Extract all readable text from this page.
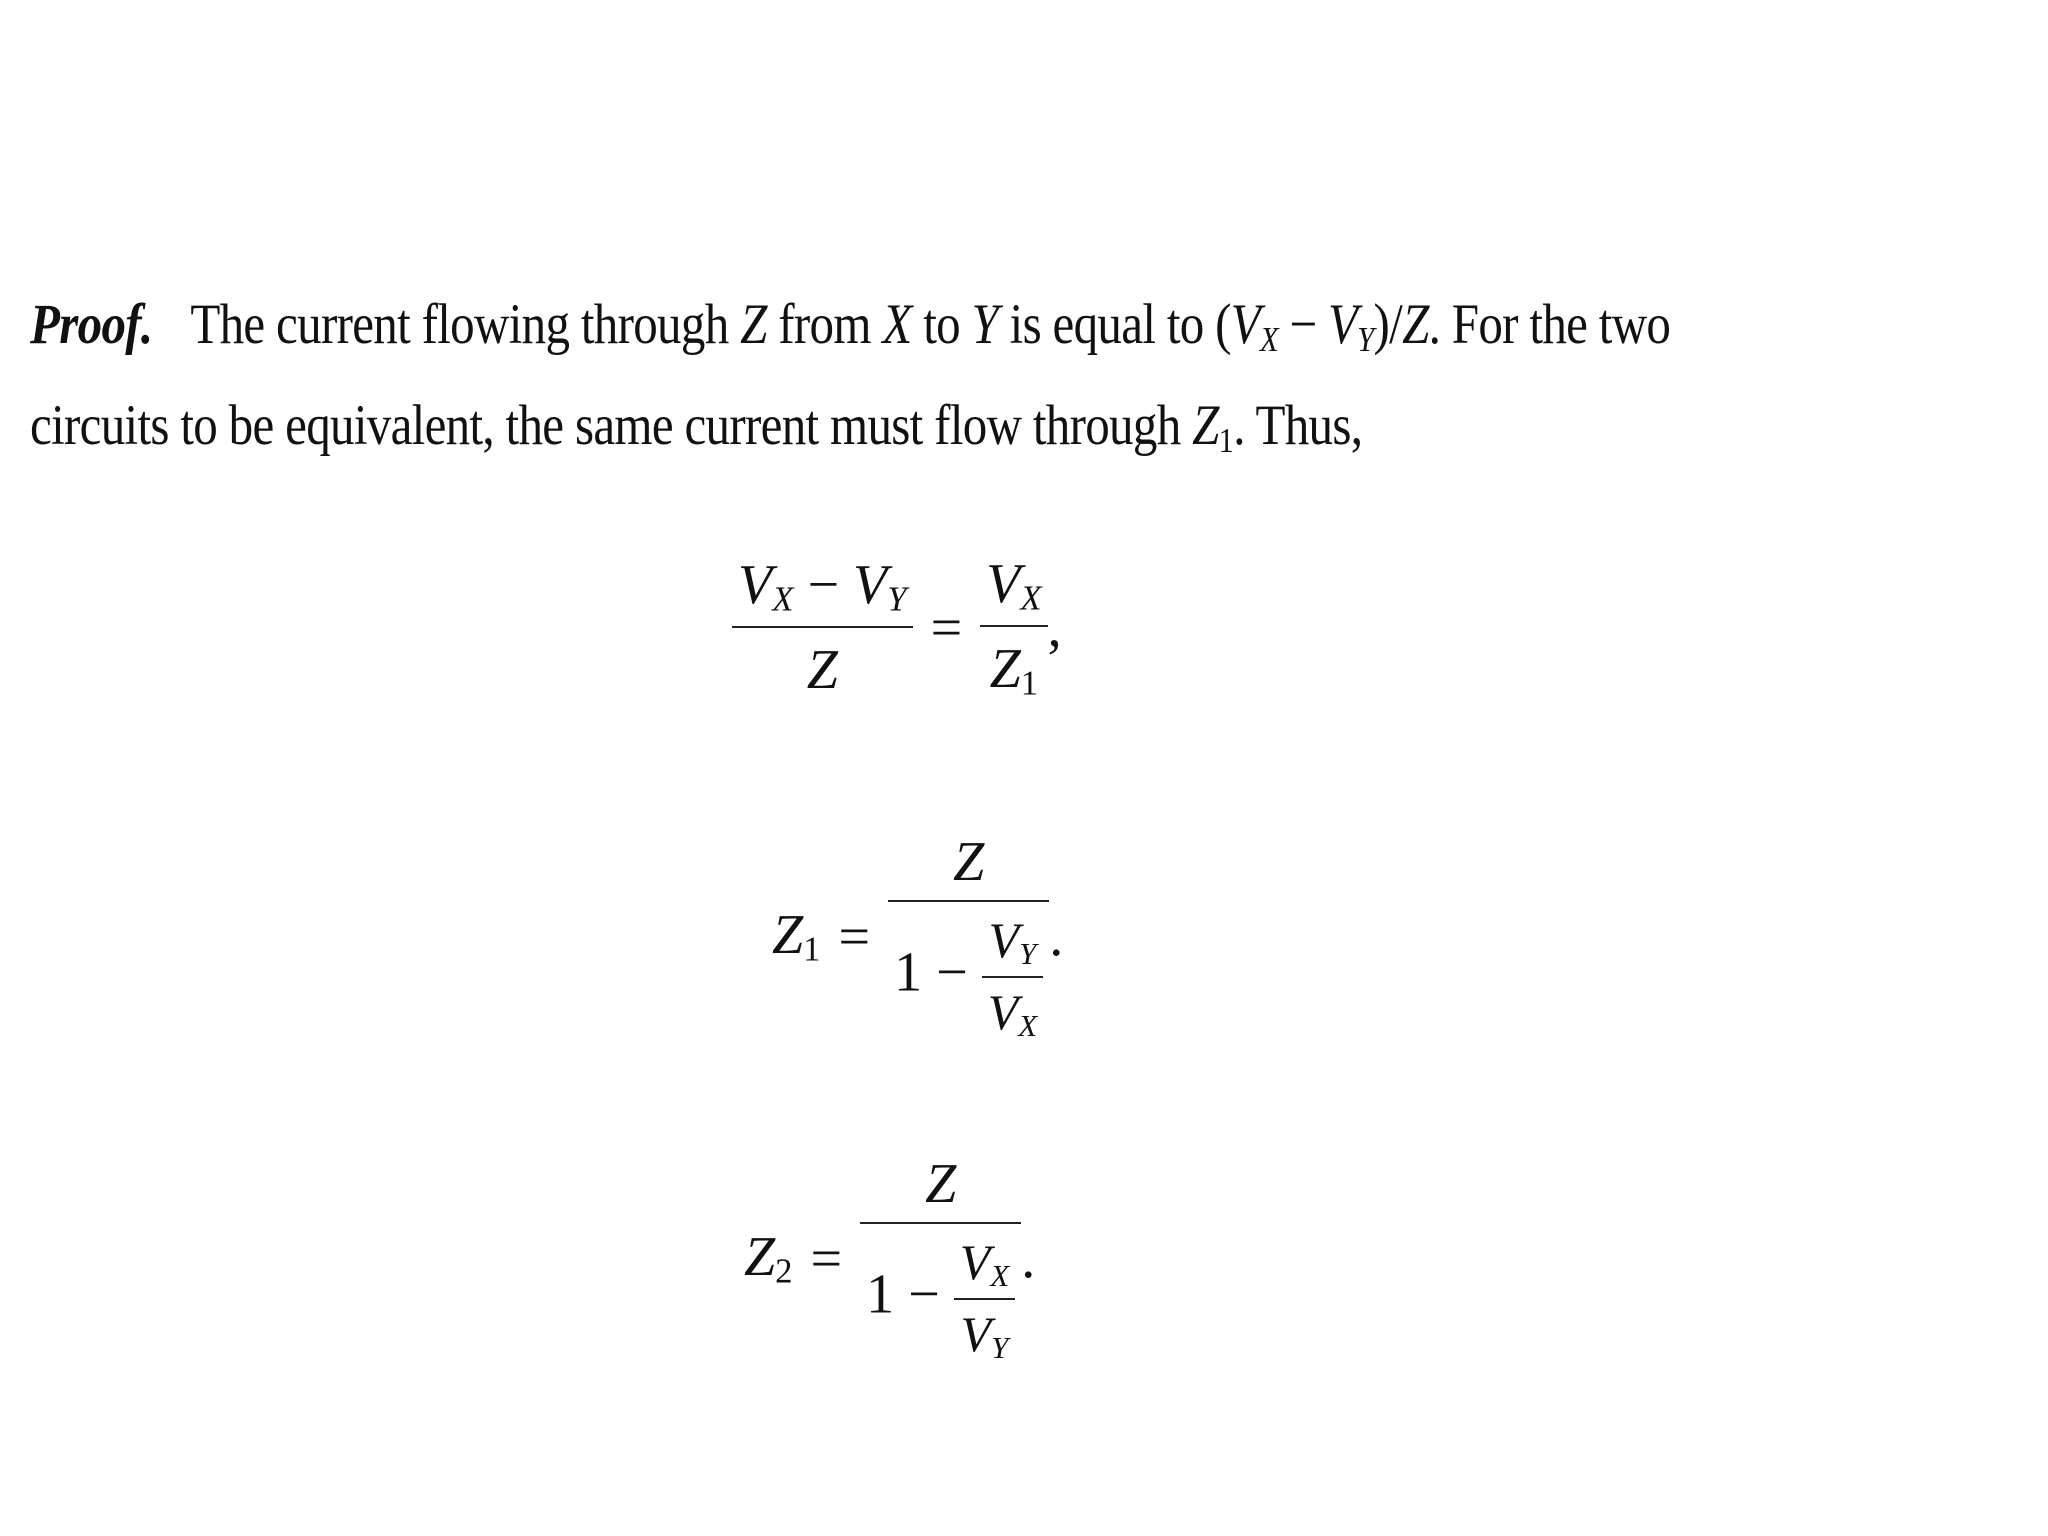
Proof. The current flowing through Z from X to Y is equal to $(V_X - V_Y)/Z$. For the two
circuits to be equivalent, the same current must flow through Z1. Thus,
$\frac{V_X - V_Y}{Z} = \frac{V_X}{Z1}$ ,
$Z1 = \frac{Z}{1 - \frac{V_Y}{V_X}}$ .
$Z2 = \frac{Z}{1 - \frac{V_X}{V_Y}}$ .
